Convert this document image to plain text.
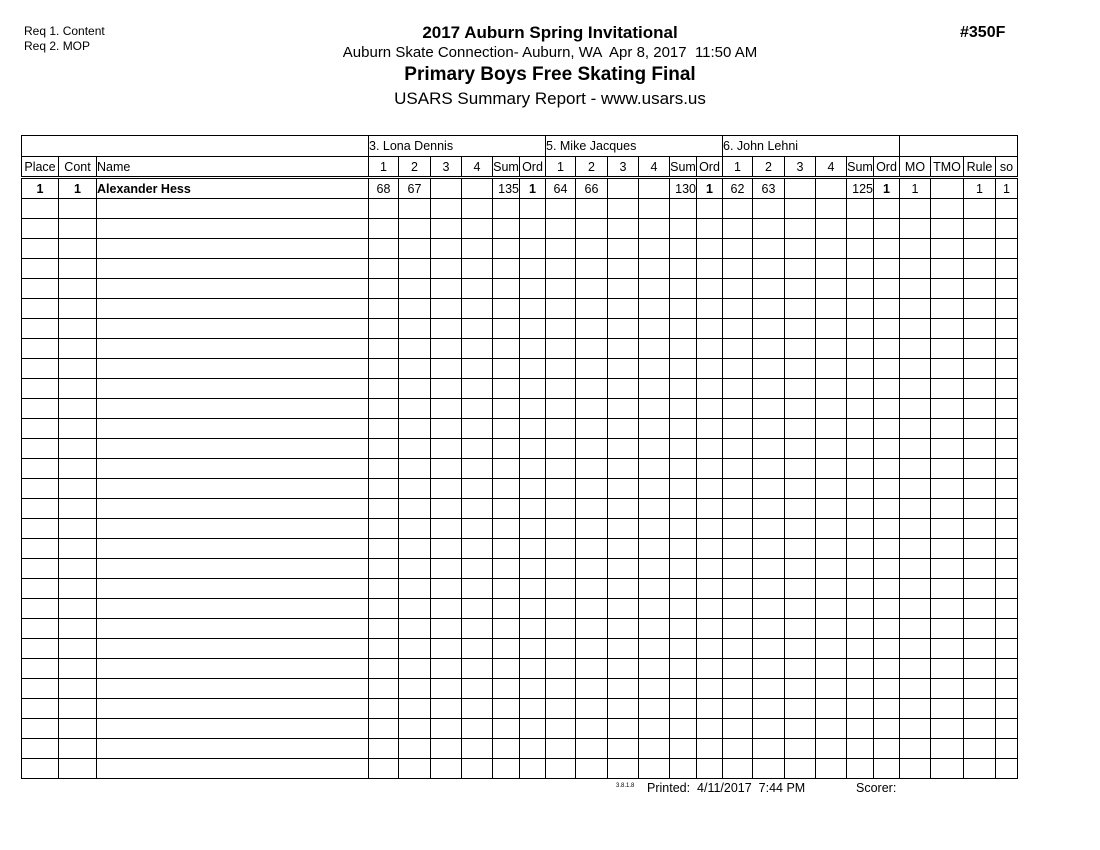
Req 1. Content
Req 2. MOP
2017 Auburn Spring Invitational
Auburn Skate Connection- Auburn, WA  Apr 8, 2017  11:50 AM
Primary Boys Free Skating Final
USARS Summary Report - www.usars.us
#350F
			3. Lona Dennis						5. Mike Jacques						6. John Lehni									
Place	Cont	Name	1	2	3	4	Sum	Ord	1	2	3	4	Sum	Ord	1	2	3	4	Sum	Ord	MO	TMO	Rule	so
1	1	Alexander Hess	68	67			135	1	64	66			130	1	62	63			125	1	1		1	1

3.8.1.8 Printed:  4/11/2017  7:44 PM	Scorer:
